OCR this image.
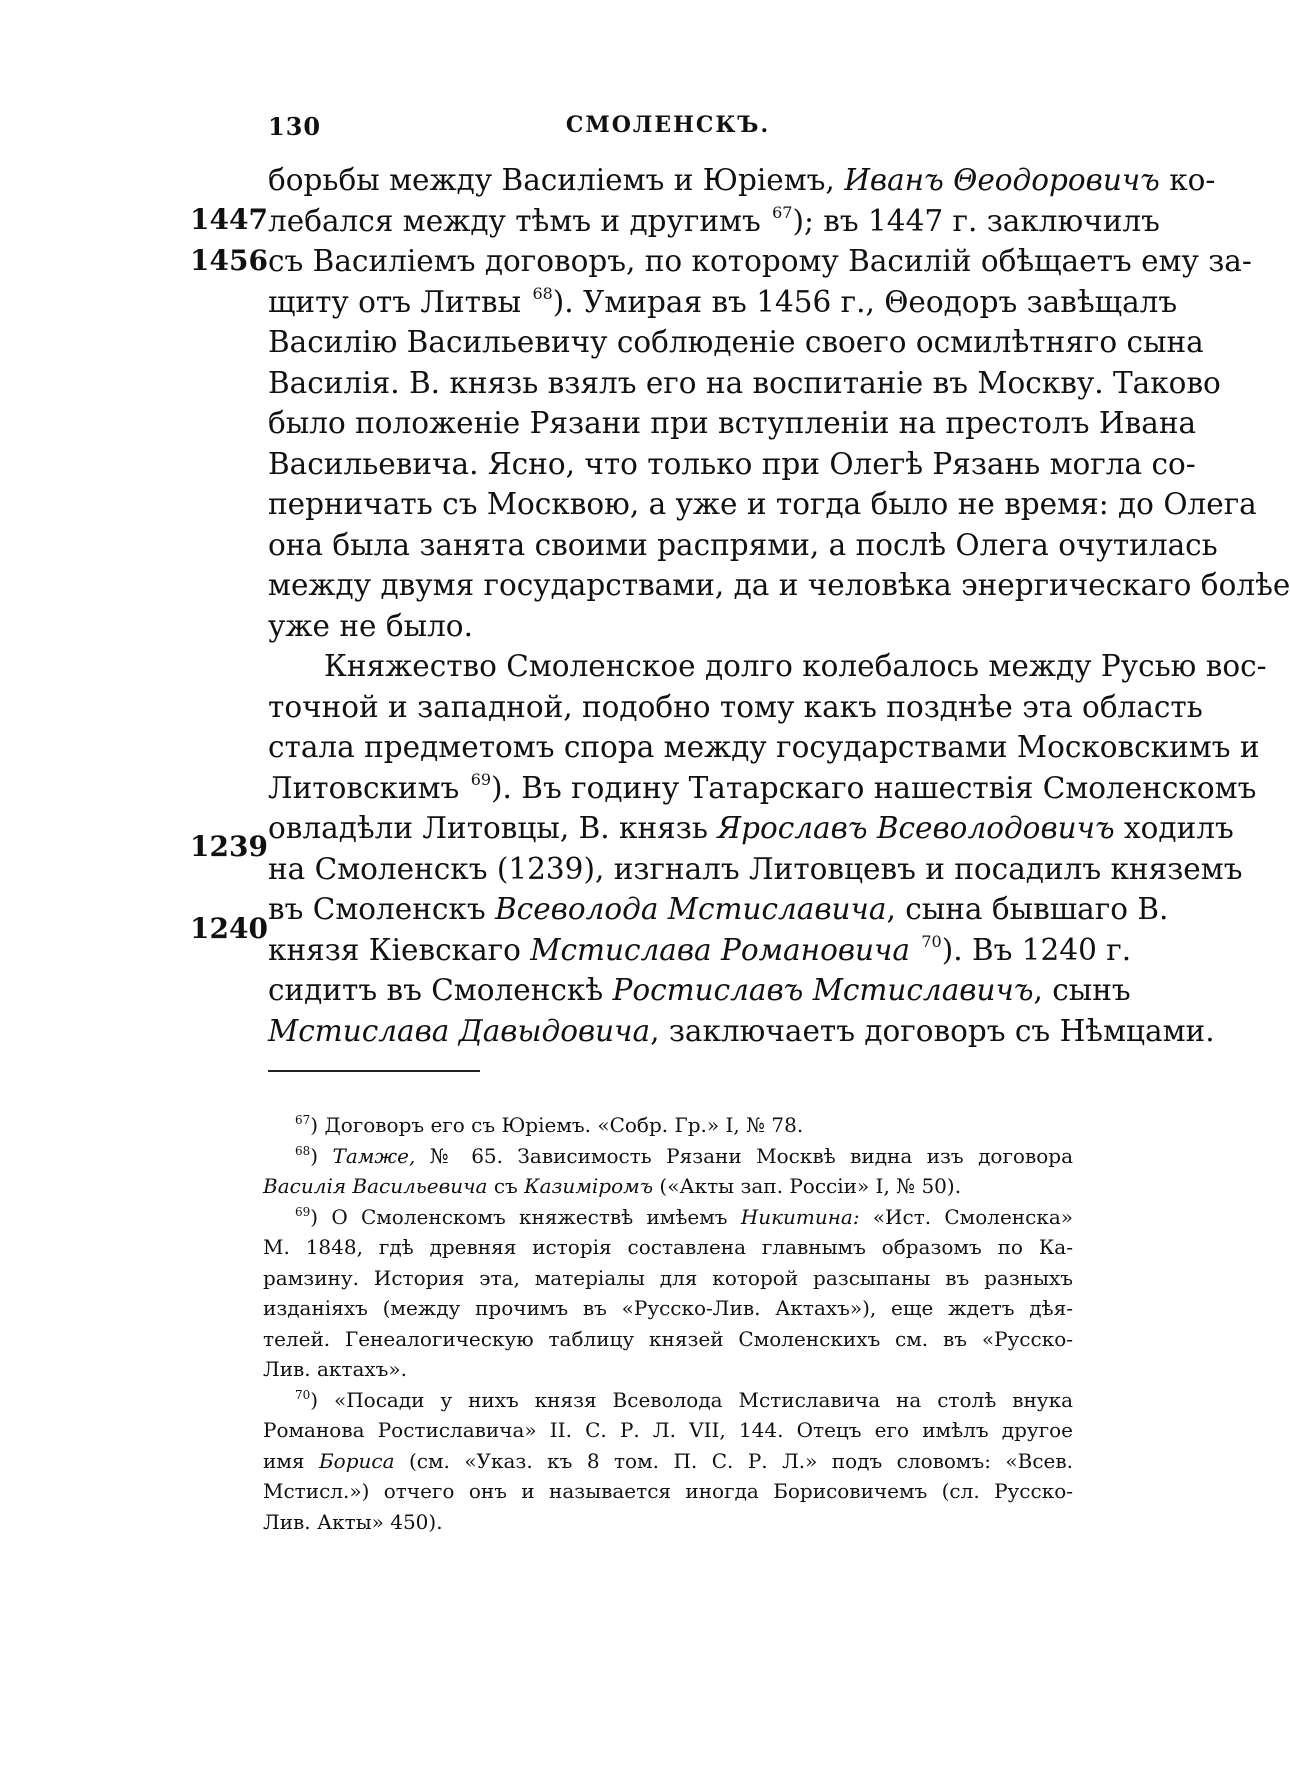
130	СМОЛЕНСКЪ.
1447
1456
1239
1240
борьбы между Василіемъ и Юріемъ, Иванъ Θеодоровичъ ко-
лебался между тѣмъ и другимъ $^{67}$); въ 1447 г. заключилъ
съ Василіемъ договоръ, по которому Василій обѣщаетъ ему за-
щиту отъ Литвы $^{68}$). Умирая въ 1456 г., Θеодоръ завѣщалъ
Василію Васильевичу соблюденіе своего осмилѣтняго сына
Василія. В. князь взялъ его на воспитаніе въ Москву. Таково
было положеніе Рязани при вступленіи на престолъ Ивана
Васильевича. Ясно, что только при Олегѣ Рязань могла со-
перничать съ Москвою, а уже и тогда было не время: до Олега
она была занята своими распрями, а послѣ Олега очутилась
между двумя государствами, да и человѣка энергическаго болѣе
уже не было.
Княжество Смоленское долго колебалось между Русью вос-
точной и западной, подобно тому какъ позднѣе эта область
стала предметомъ спора между государствами Московскимъ и
Литовскимъ $^{69}$). Въ годину Татарскаго нашествія Смоленскомъ
овладѣли Литовцы, В. князь Ярославъ Всеволодовичъ ходилъ
на Смоленскъ (1239), изгналъ Литовцевъ и посадилъ княземъ
въ Смоленскъ Всеволода Мстиславича, сына бывшаго В.
князя Кіевскаго Мстислава Романовича $^{70}$). Въ 1240 г.
сидитъ въ Смоленскѣ Ростиславъ Мстиславичъ, сынъ
Мстислава Давыдовича, заключаетъ договоръ съ Нѣмцами.
$^{67}$) Договоръ его съ Юріемъ. «Собр. Гр.» I, № 78.
$^{68}$) Тамже, № 65. Зависимость Рязани Москвѣ видна изъ договора
Василія Васильевича съ Казиміромъ («Акты зап. Россіи» I, № 50).
$^{69}$) О Смоленскомъ княжествѣ имѣемъ Никитина: «Ист. Смоленска»
М. 1848, гдѣ древняя исторія составлена главнымъ образомъ по Ка-
рамзину. История эта, матеріалы для которой разсыпаны въ разныхъ
изданіяхъ (между прочимъ въ «Русско-Лив. Актахъ»), еще ждетъ дѣя-
телей. Генеалогическую таблицу князей Смоленскихъ см. въ «Русско-
Лив. актахъ».
$^{70}$) «Посади у нихъ князя Всеволода Мстиславича на столѣ внука
Романова Ростиславича» II. С. Р. Л. VII, 144. Отецъ его имѣлъ другое
имя Бориса (см. «Указ. къ 8 том. П. С. Р. Л.» подъ словомъ: «Всев.
Мстисл.») отчего онъ и называется иногда Борисовичемъ (сл. Русско-
Лив. Акты» 450).
